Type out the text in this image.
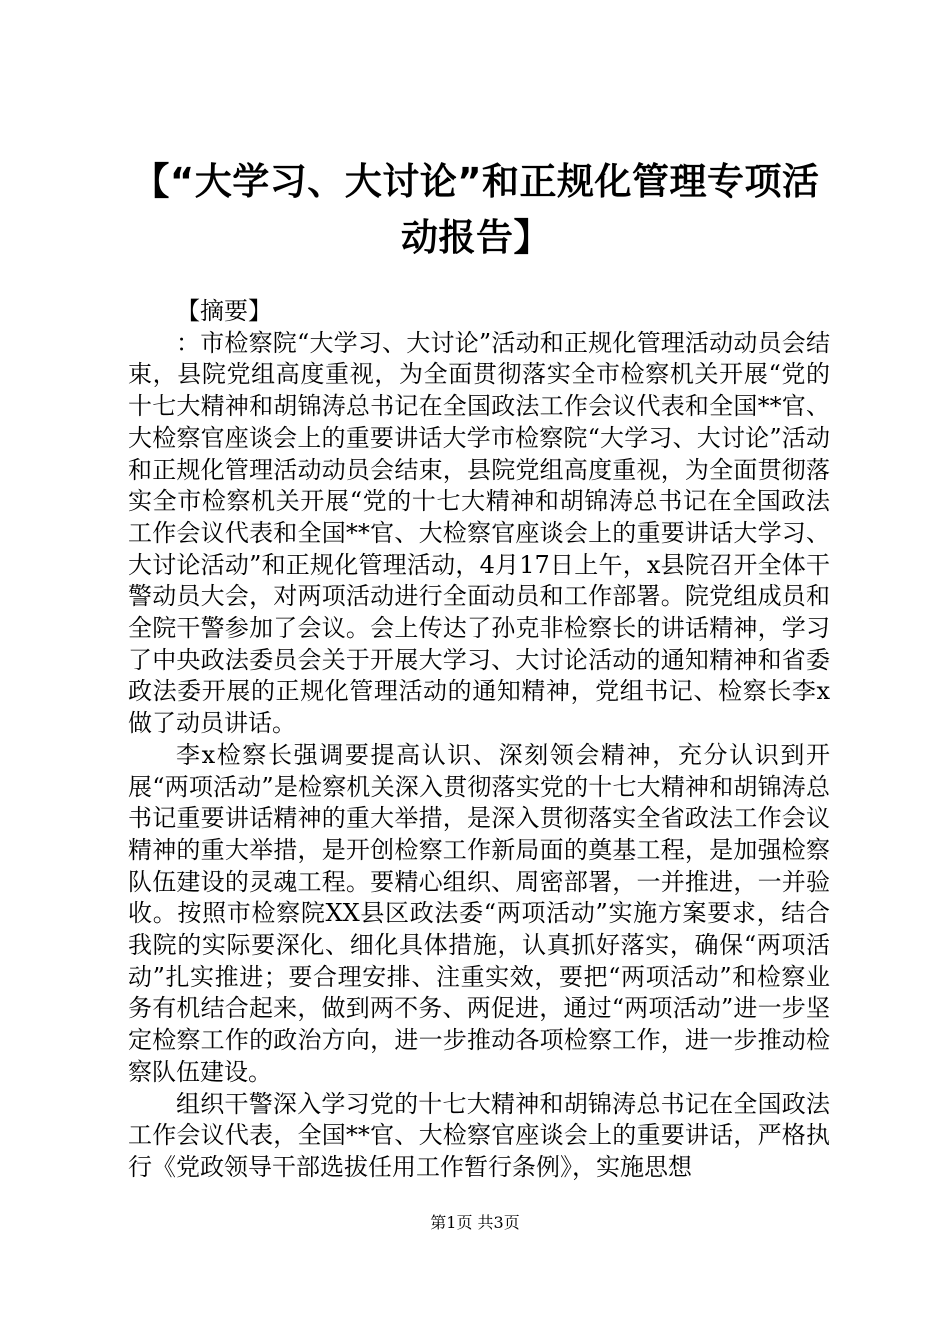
【“大学习、大讨论”和正规化管理专项活动报告】

【摘要】

：市检察院“大学习、大讨论”活动和正规化管理活动动员会结束，县院党组高度重视，为全面贯彻落实全市检察机关开展“党的十七大精神和胡锦涛总书记在全国政法工作会议代表和全国**官、大检察官座谈会上的重要讲话大学市检察院“大学习、大讨论”活动和正规化管理活动动员会结束，县院党组高度重视，为全面贯彻落实全市检察机关开展“党的十七大精神和胡锦涛总书记在全国政法工作会议代表和全国**官、大检察官座谈会上的重要讲话大学习、大讨论活动”和正规化管理活动，4月17日上午，x县院召开全体干警动员大会，对两项活动进行全面动员和工作部署。院党组成员和全院干警参加了会议。会上传达了孙克非检察长的讲话精神，学习了中央政法委员会关于开展大学习、大讨论活动的通知精神和省委政法委开展的正规化管理活动的通知精神，党组书记、检察长李x做了动员讲话。

李x检察长强调要提高认识、深刻领会精神，充分认识到开展“两项活动”是检察机关深入贯彻落实党的十七大精神和胡锦涛总书记重要讲话精神的重大举措，是深入贯彻落实全省政法工作会议精神的重大举措，是开创检察工作新局面的奠基工程，是加强检察队伍建设的灵魂工程。要精心组织、周密部署，一并推进，一并验收。按照市检察院XX县区政法委“两项活动”实施方案要求，结合我院的实际要深化、细化具体措施，认真抓好落实，确保“两项活动”扎实推进；要合理安排、注重实效，要把“两项活动”和检察业务有机结合起来，做到两不务、两促进，通过“两项活动”进一步坚定检察工作的政治方向，进一步推动各项检察工作，进一步推动检察队伍建设。

组织干警深入学习党的十七大精神和胡锦涛总书记在全国政法工作会议代表，全国**官、大检察官座谈会上的重要讲话，严格执行《党政领导干部选拔任用工作暂行条例》，实施思想

第1页 共3页
